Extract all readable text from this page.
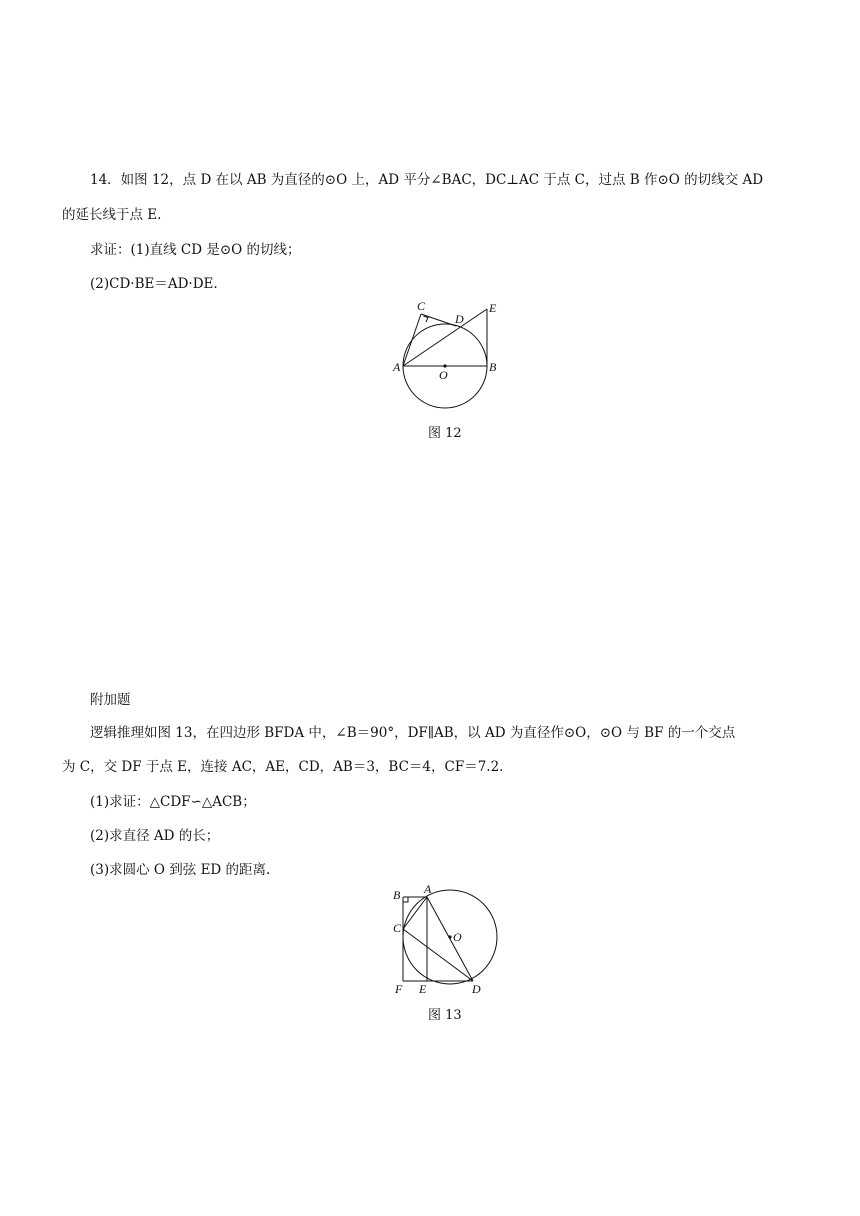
14．如图 12，点 D 在以 AB 为直径的⊙O 上，AD 平分∠BAC，DC⊥AC 于点 C，过点 B 作⊙O 的切线交 AD
的延长线于点 E.
求证：(1)直线 CD 是⊙O 的切线；
(2)CD·BE＝AD·DE.
C
D
E
A	B
O
图 12
附加题
逻辑推理如图 13，在四边形 BFDA 中，∠B＝90°，DF∥AB，以 AD 为直径作⊙O，⊙O 与 BF 的一个交点
为 C，交 DF 于点 E，连接 AC，AE，CD，AB＝3，BC＝4，CF＝7.2.
(1)求证：△CDF∽△ACB；
(2)求直径 AD 的长；
(3)求圆心 O 到弦 ED 的距离.
B A
C
O
F E	D
图 13
